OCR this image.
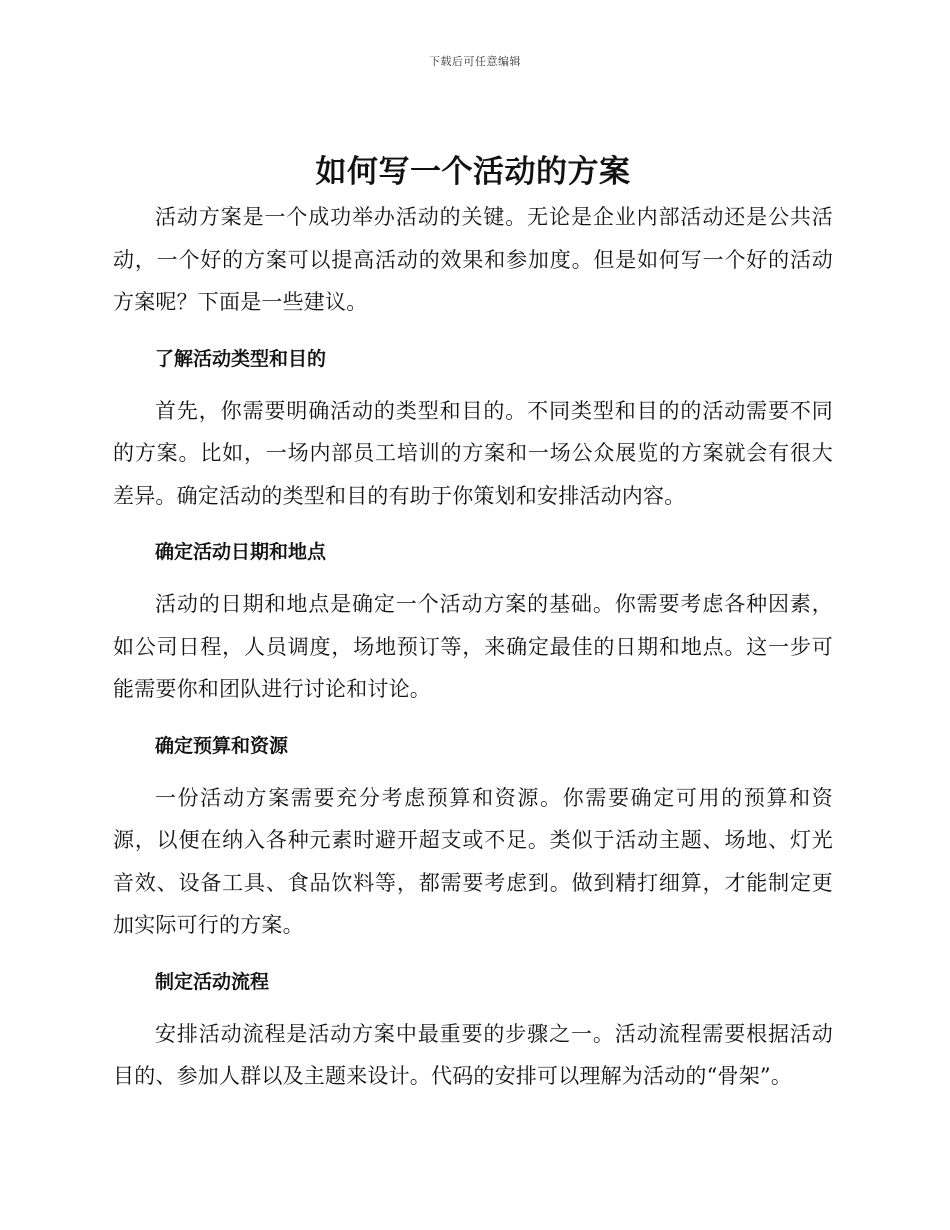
下载后可任意编辑
如何写一个活动的方案

活动方案是一个成功举办活动的关键。无论是企业内部活动还是公共活动，一个好的方案可以提高活动的效果和参加度。但是如何写一个好的活动方案呢？下面是一些建议。

了解活动类型和目的

首先，你需要明确活动的类型和目的。不同类型和目的的活动需要不同的方案。比如，一场内部员工培训的方案和一场公众展览的方案就会有很大差异。确定活动的类型和目的有助于你策划和安排活动内容。

确定活动日期和地点

活动的日期和地点是确定一个活动方案的基础。你需要考虑各种因素，如公司日程，人员调度，场地预订等，来确定最佳的日期和地点。这一步可能需要你和团队进行讨论和讨论。

确定预算和资源

一份活动方案需要充分考虑预算和资源。你需要确定可用的预算和资源，以便在纳入各种元素时避开超支或不足。类似于活动主题、场地、灯光音效、设备工具、食品饮料等，都需要考虑到。做到精打细算，才能制定更加实际可行的方案。

制定活动流程

安排活动流程是活动方案中最重要的步骤之一。活动流程需要根据活动目的、参加人群以及主题来设计。代码的安排可以理解为活动的“骨架”。
